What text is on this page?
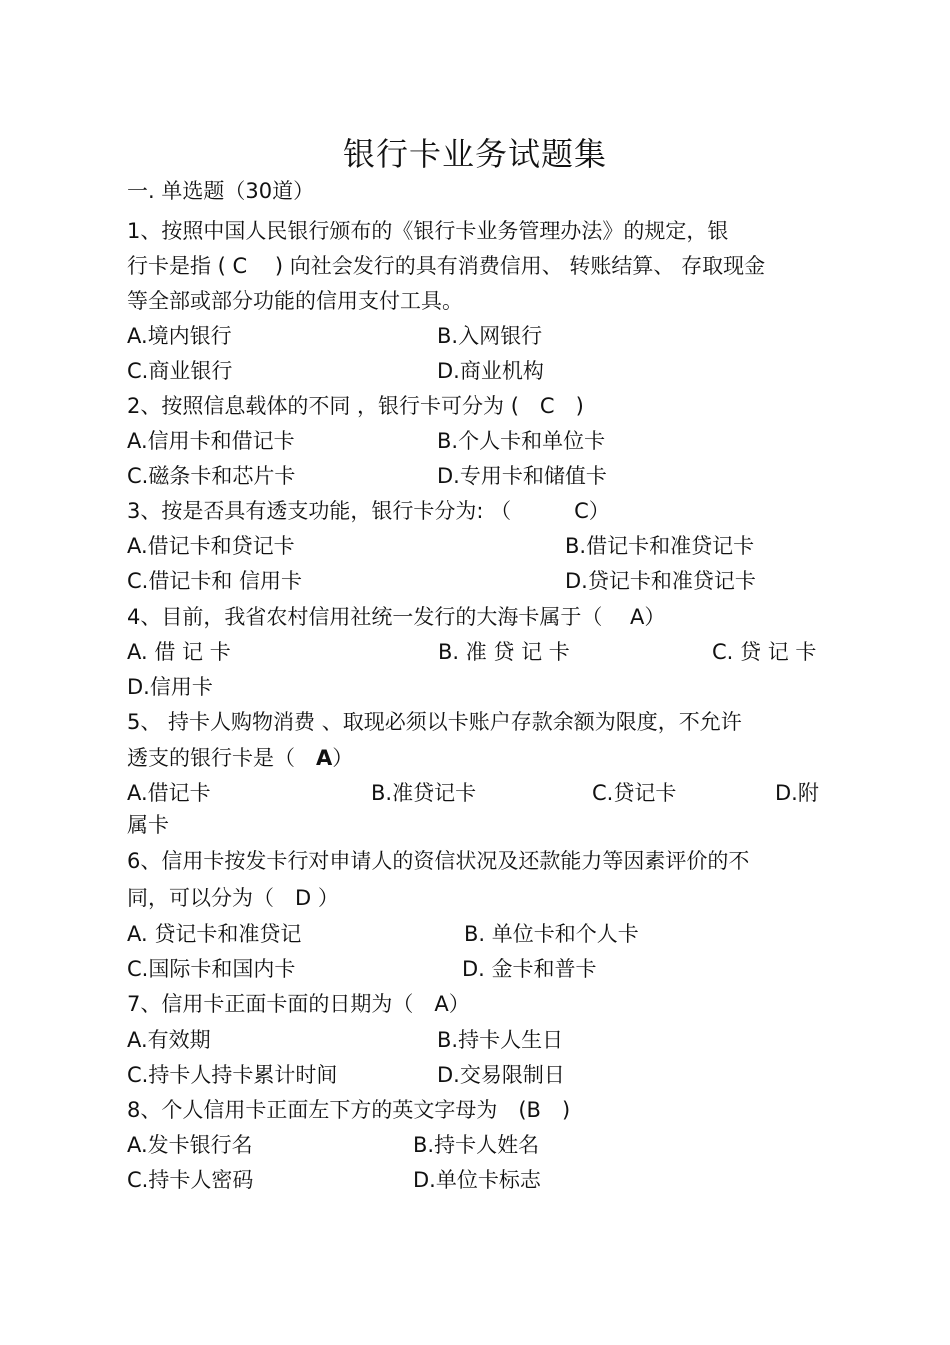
银行卡业务试题集
一. 单选题（30道）
1、按照中国人民银行颁布的《银行卡业务管理办法》的规定，银
行卡是指 ( C　 ) 向社会发行的具有消费信用、 转账结算、 存取现金
等全部或部分功能的信用支付工具。
A.境内银行	B.入网银行
C.商业银行	D.商业机构
2、按照信息载体的不同 ，银行卡可分为 (　C　)
A.信用卡和借记卡	B.个人卡和单位卡
C.磁条卡和芯片卡	D.专用卡和储值卡
3、按是否具有透支功能，银行卡分为: （　　　C）
A.借记卡和贷记卡	B.借记卡和准贷记卡
C.借记卡和 信用卡	D.贷记卡和准贷记卡
4、目前，我省农村信用社统一发行的大海卡属于（　 A）
A. 借 记 卡	B. 准 贷 记 卡	C. 贷 记 卡
D.信用卡
5、 持卡人购物消费 、取现必须以卡账户存款余额为限度，不允许
透支的银行卡是（　A）
A.借记卡	B.准贷记卡	C.贷记卡	D.附
属卡
6、信用卡按发卡行对申请人的资信状况及还款能力等因素评价的不
同，可以分为（　D ）
A. 贷记卡和准贷记	B. 单位卡和个人卡
C.国际卡和国内卡	D. 金卡和普卡
7、信用卡正面卡面的日期为（　A）
A.有效期	B.持卡人生日
C.持卡人持卡累计时间	D.交易限制日
8、个人信用卡正面左下方的英文字母为　(B　)
A.发卡银行名	B.持卡人姓名
C.持卡人密码	D.单位卡标志
